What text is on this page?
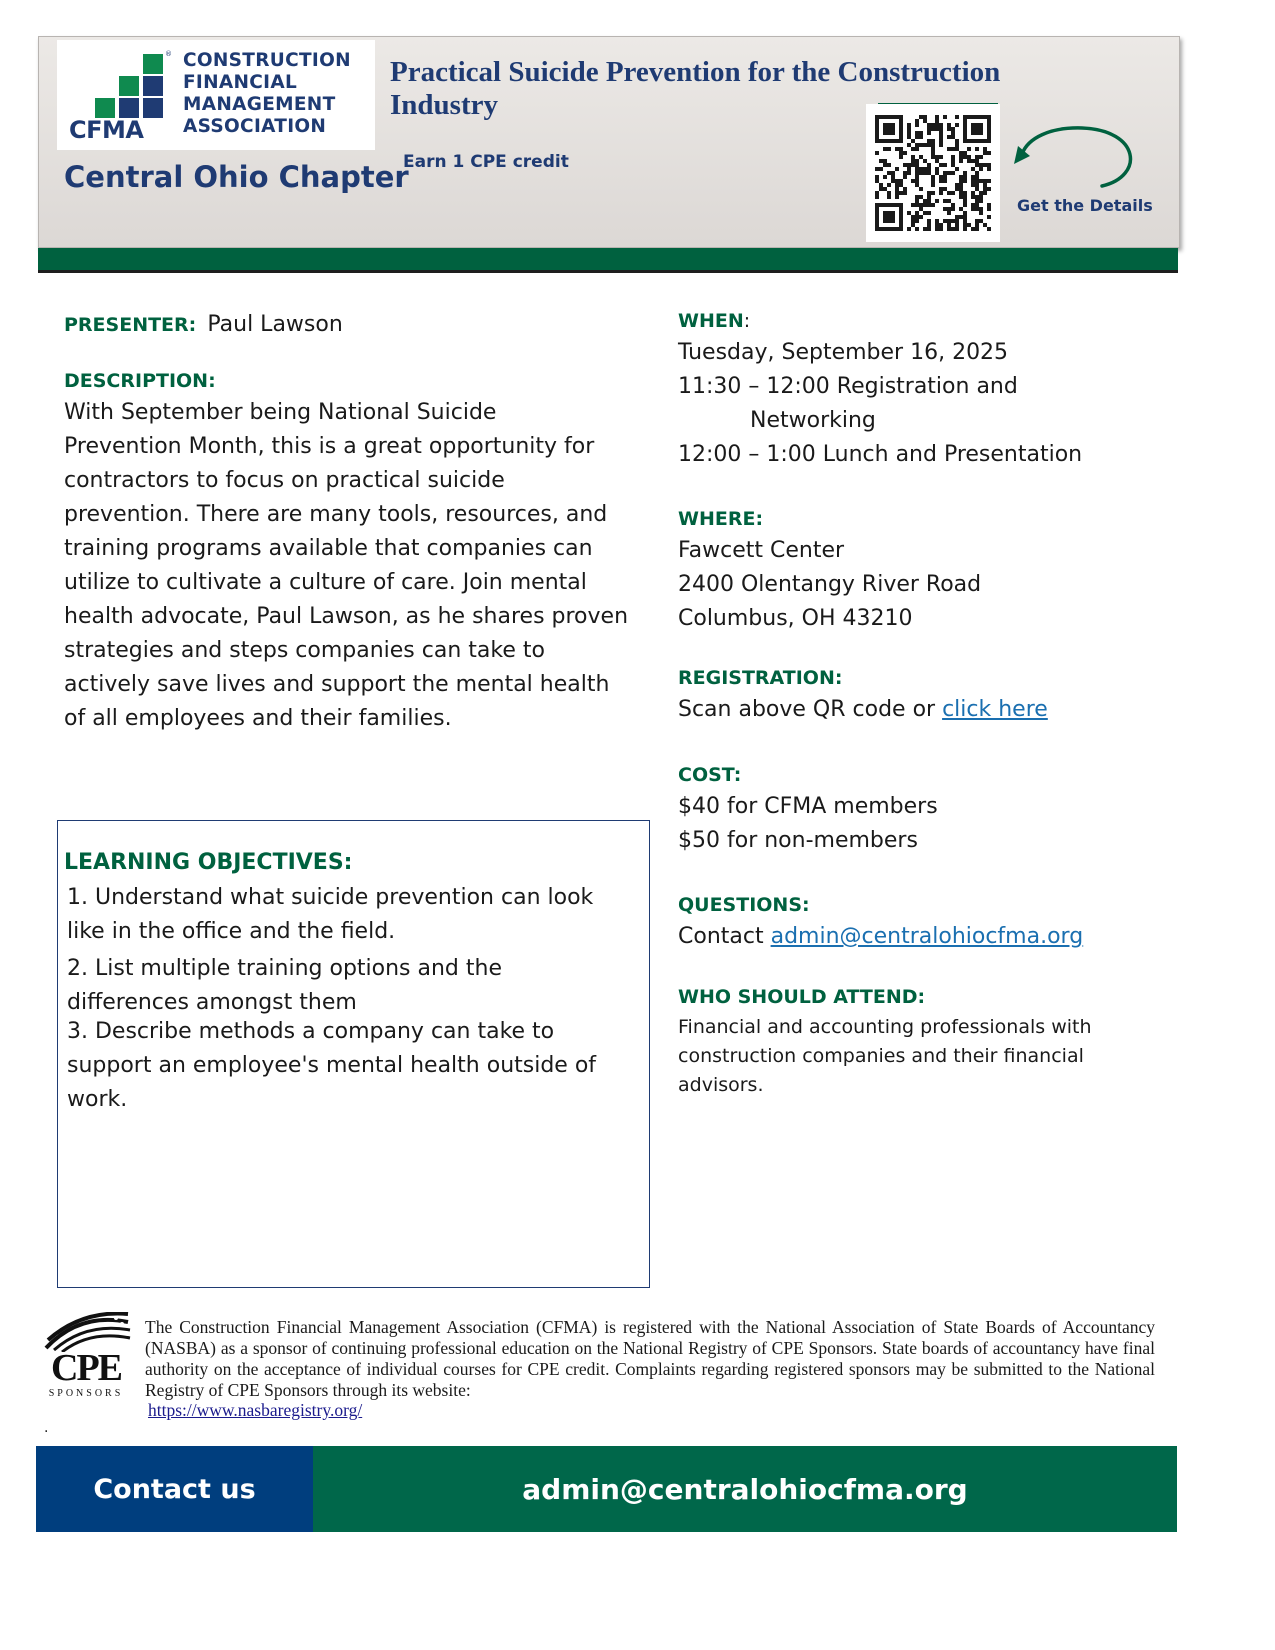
® CONSTRUCTION
FINANCIAL
MANAGEMENT
ASSOCIATION
CFMA
Central Ohio Chapter
Practical Suicide Prevention for the Construction Industry
Earn 1 CPE credit
Get the Details
PRESENTER: Paul Lawson
DESCRIPTION:
With September being National Suicide
Prevention Month, this is a great opportunity for
contractors to focus on practical suicide
prevention. There are many tools, resources, and
training programs available that companies can
utilize to cultivate a culture of care. Join mental
health advocate, Paul Lawson, as he shares proven
strategies and steps companies can take to
actively save lives and support the mental health
of all employees and their families.
LEARNING OBJECTIVES:
1. Understand what suicide prevention can look
like in the office and the field.
2. List multiple training options and the
differences amongst them
3. Describe methods a company can take to
support an employee's mental health outside of
work.
WHEN:
Tuesday, September 16, 2025
11:30 – 12:00 Registration and
Networking
12:00 – 1:00 Lunch and Presentation
WHERE:
Fawcett Center
2400 Olentangy River Road
Columbus, OH 43210
REGISTRATION:
Scan above QR code or click here
COST:
$40 for CFMA members
$50 for non-members
QUESTIONS:
Contact admin@centralohiocfma.org
WHO SHOULD ATTEND:
Financial and accounting professionals with
construction companies and their financial
advisors.
CPE
SPONSORS
The Construction Financial Management Association (CFMA) is registered with the National Association of State Boards of Accountancy (NASBA) as a sponsor of continuing professional education on the National Registry of CPE Sponsors. State boards of accountancy have final authority on the acceptance of individual courses for CPE credit. Complaints regarding registered sponsors may be submitted to the National Registry of CPE Sponsors through its website:
https://www.nasbaregistry.org/
.
Contact us	admin@centralohiocfma.org
